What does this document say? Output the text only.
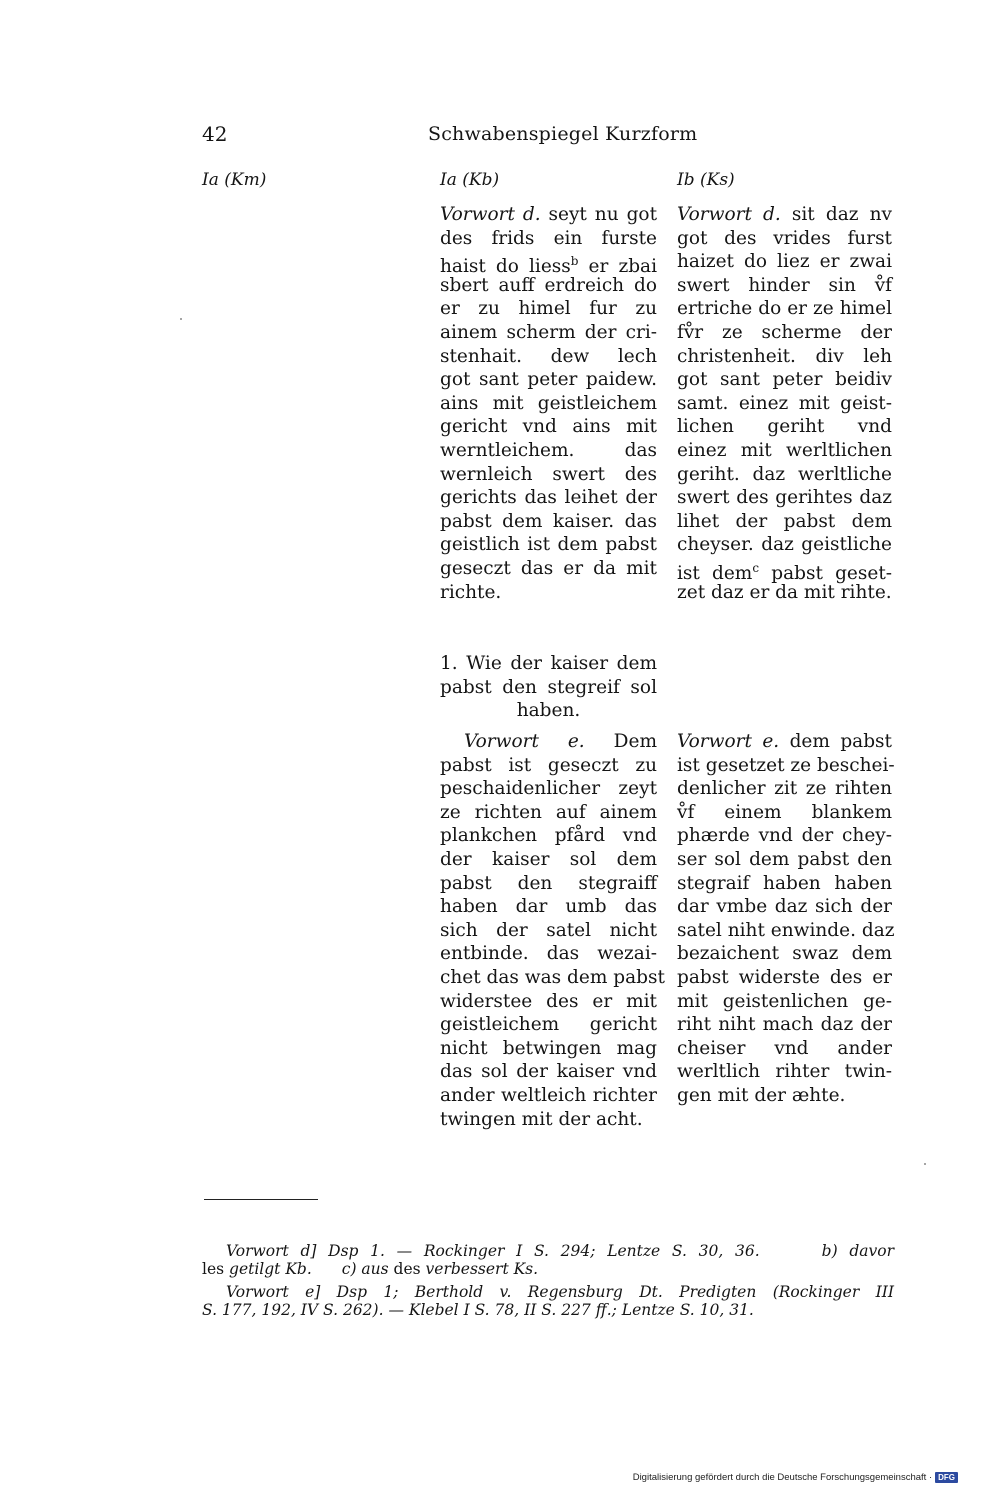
42	Schwabenspiegel Kurzform
Ia (Km)	Ia (Kb)	Ib (Ks)
Vorwort d. seyt nu got
des frids ein furste
haist do liess$^b$ er zbai
sbert auff erdreich do
er zu himel fur zu
ainem scherm der cri-
stenhait. dew lech
got sant peter paidew.
ains mit geistleichem
gericht vnd ains mit
werntleichem. das
wernleich swert des
gerichts das leihet der
pabst dem kaiser. das
geistlich ist dem pabst
geseczt das er da mit
richte.
Vorwort d. sit daz nv
got des vrides furst
haizet do liez er zwai
swert hinder sin v̊f
ertriche do er ze himel
fv̊r ze scherme der
christenheit. div leh
got sant peter beidiv
samt. einez mit geist-
lichen geriht vnd
einez mit werltlichen
geriht. daz werltliche
swert des gerihtes daz
lihet der pabst dem
cheyser. daz geistliche
ist dem$^c$ pabst geset-
zet daz er da mit rihte.
1. Wie der kaiser dem
pabst den stegreif sol
haben.
Vorwort e. Dem
pabst ist geseczt zu
peschaidenlicher zeyt
ze richten auf ainem
plankchen pfård vnd
der kaiser sol dem
pabst den stegraiff
haben dar umb das
sich der satel nicht
entbinde. das wezai-
chet das was dem pabst
widerstee des er mit
geistleichem gericht
nicht betwingen mag
das sol der kaiser vnd
ander weltleich richter
twingen mit der acht.
Vorwort e. dem pabst
ist gesetzet ze beschei-
denlicher zit ze rihten
v̊f einem blankem
phærde vnd der chey-
ser sol dem pabst den
stegraif haben haben
dar vmbe daz sich der
satel niht enwinde. daz
bezaichent swaz dem
pabst widerste des er
mit geistenlichen ge-
riht niht mach daz der
cheiser vnd ander
werltlich rihter twin-
gen mit der æhte.
Vorwort d] Dsp 1. — Rockinger I S. 294; Lentze S. 30, 36.	b) davor
les getilgt Kb. c) aus des verbessert Ks.
Vorwort e] Dsp 1; Berthold v. Regensburg Dt. Predigten (Rockinger III
S. 177, 192, IV S. 262). — Klebel I S. 78, II S. 227 ff.; Lentze S. 10, 31.
Digitalisierung gefördert durch die Deutsche Forschungsgemeinschaft · DFG
